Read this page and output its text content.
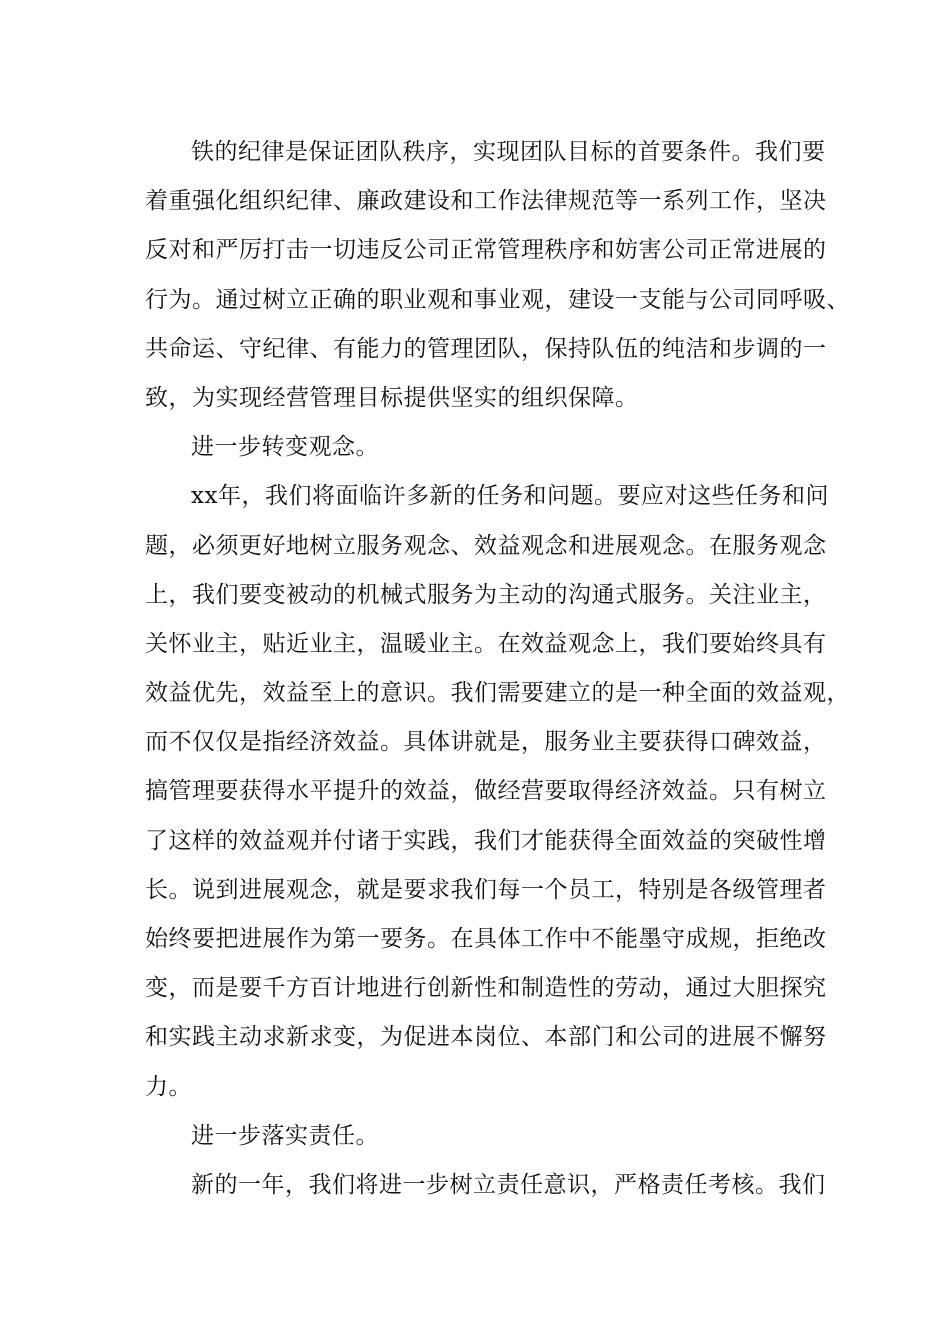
铁的纪律是保证团队秩序，实现团队目标的首要条件。我们要
着重强化组织纪律、廉政建设和工作法律规范等一系列工作，坚决
反对和严厉打击一切违反公司正常管理秩序和妨害公司正常进展的
行为。通过树立正确的职业观和事业观，建设一支能与公司同呼吸、
共命运、守纪律、有能力的管理团队，保持队伍的纯洁和步调的一
致，为实现经营管理目标提供坚实的组织保障。
进一步转变观念。
xx年，我们将面临许多新的任务和问题。要应对这些任务和问
题，必须更好地树立服务观念、效益观念和进展观念。在服务观念
上，我们要变被动的机械式服务为主动的沟通式服务。关注业主，
关怀业主，贴近业主，温暖业主。在效益观念上，我们要始终具有
效益优先，效益至上的意识。我们需要建立的是一种全面的效益观，
而不仅仅是指经济效益。具体讲就是，服务业主要获得口碑效益，
搞管理要获得水平提升的效益，做经营要取得经济效益。只有树立
了这样的效益观并付诸于实践，我们才能获得全面效益的突破性增
长。说到进展观念，就是要求我们每一个员工，特别是各级管理者
始终要把进展作为第一要务。在具体工作中不能墨守成规，拒绝改
变，而是要千方百计地进行创新性和制造性的劳动，通过大胆探究
和实践主动求新求变，为促进本岗位、本部门和公司的进展不懈努
力。
进一步落实责任。
新的一年，我们将进一步树立责任意识，严格责任考核。我们
